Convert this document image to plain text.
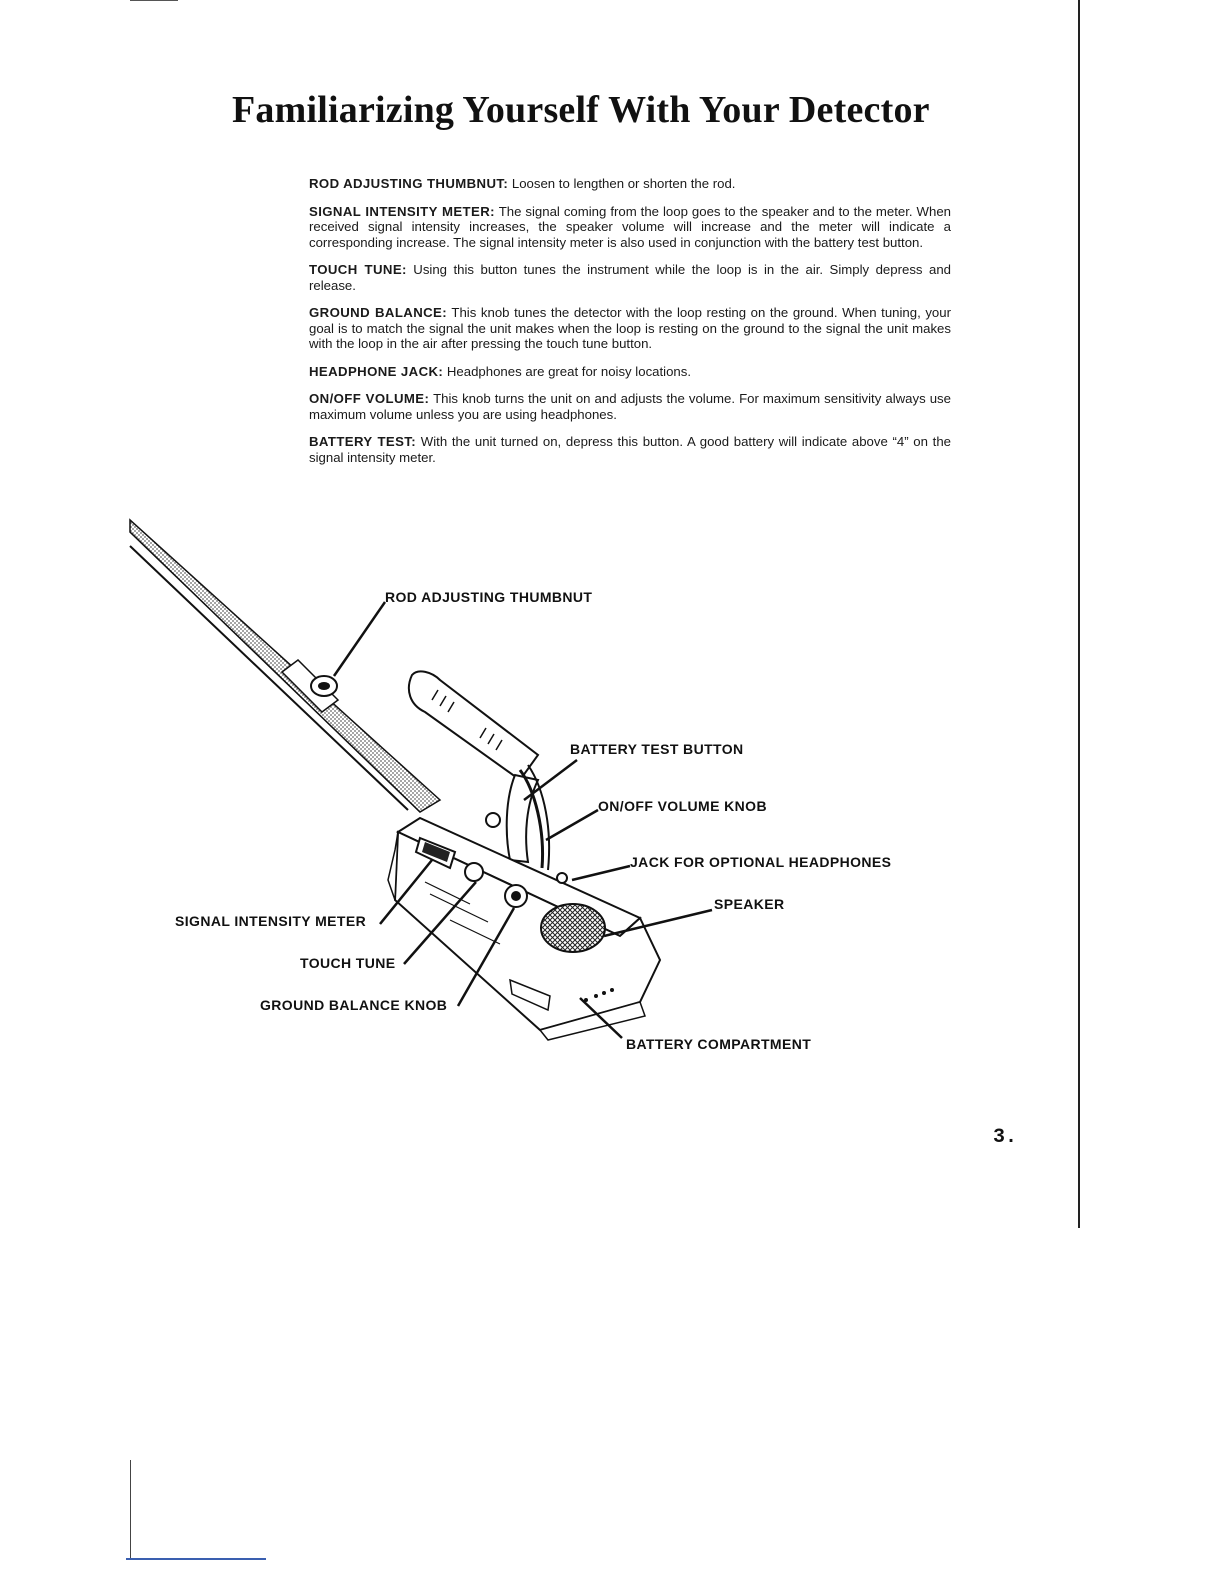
Familiarizing Yourself With Your Detector

ROD ADJUSTING THUMBNUT: Loosen to lengthen or shorten the rod.

SIGNAL INTENSITY METER: The signal coming from the loop goes to the speaker and to the meter. When received signal intensity increases, the speaker volume will increase and the meter will indicate a corresponding increase. The signal intensity meter is also used in conjunction with the battery test button.

TOUCH TUNE: Using this button tunes the instrument while the loop is in the air. Simply depress and release.

GROUND BALANCE: This knob tunes the detector with the loop resting on the ground. When tuning, your goal is to match the signal the unit makes when the loop is resting on the ground to the signal the unit makes with the loop in the air after pressing the touch tune button.

HEADPHONE JACK: Headphones are great for noisy locations.

ON/OFF VOLUME: This knob turns the unit on and adjusts the volume. For maximum sensitivity always use maximum volume unless you are using headphones.

BATTERY TEST: With the unit turned on, depress this button. A good battery will indicate above “4” on the signal intensity meter.

ROD ADJUSTING THUMBNUT
BATTERY TEST BUTTON
ON/OFF VOLUME KNOB
JACK FOR OPTIONAL HEADPHONES
SPEAKER
SIGNAL INTENSITY METER
TOUCH TUNE
GROUND BALANCE KNOB
BATTERY COMPARTMENT
3.
